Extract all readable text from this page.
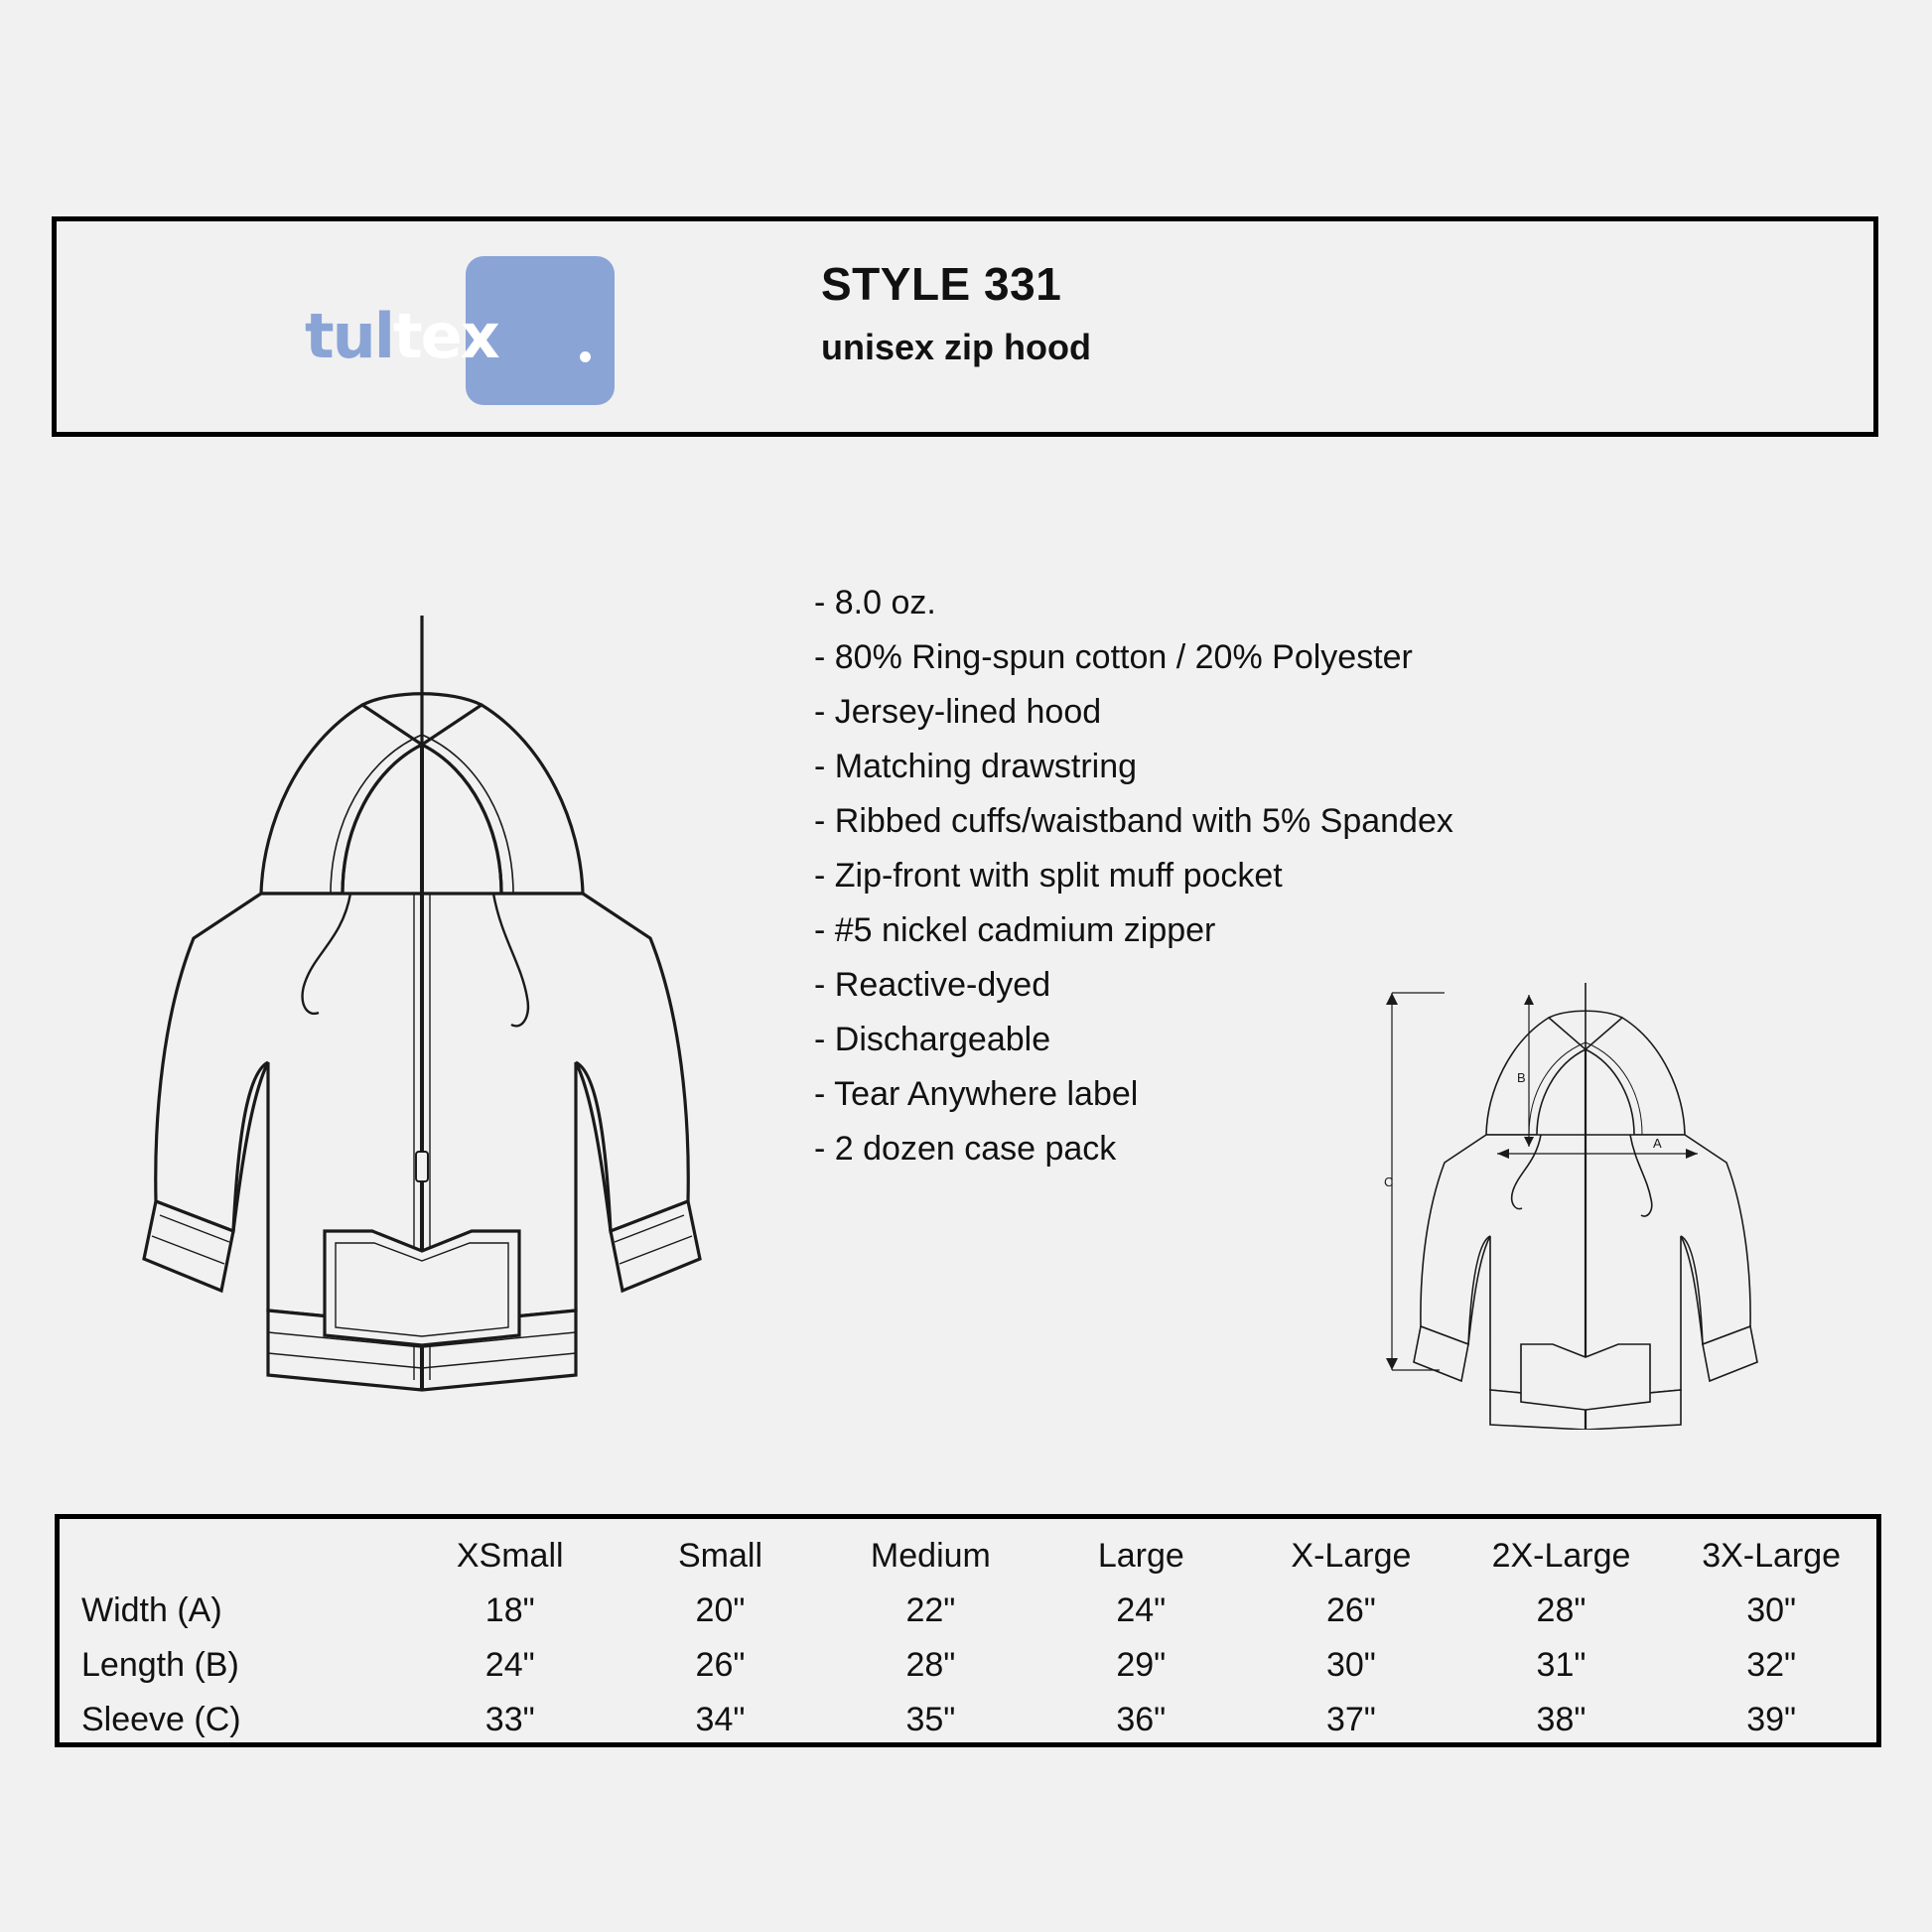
tultex
STYLE 331
unisex zip hood
C
B
A
- 8.0 oz.
- 80% Ring-spun cotton / 20% Polyester
- Jersey-lined hood
- Matching drawstring
- Ribbed cuffs/waistband with 5% Spandex
- Zip-front with split muff pocket
- #5 nickel cadmium zipper
- Reactive-dyed
- Dischargeable
- Tear Anywhere label
- 2 dozen case pack
	XSmall	Small	Medium	Large	X-Large	2X-Large	3X-Large
Width (A)	18"	20"	22"	24"	26"	28"	30"
Length (B)	24"	26"	28"	29"	30"	31"	32"
Sleeve (C)	33"	34"	35"	36"	37"	38"	39"
